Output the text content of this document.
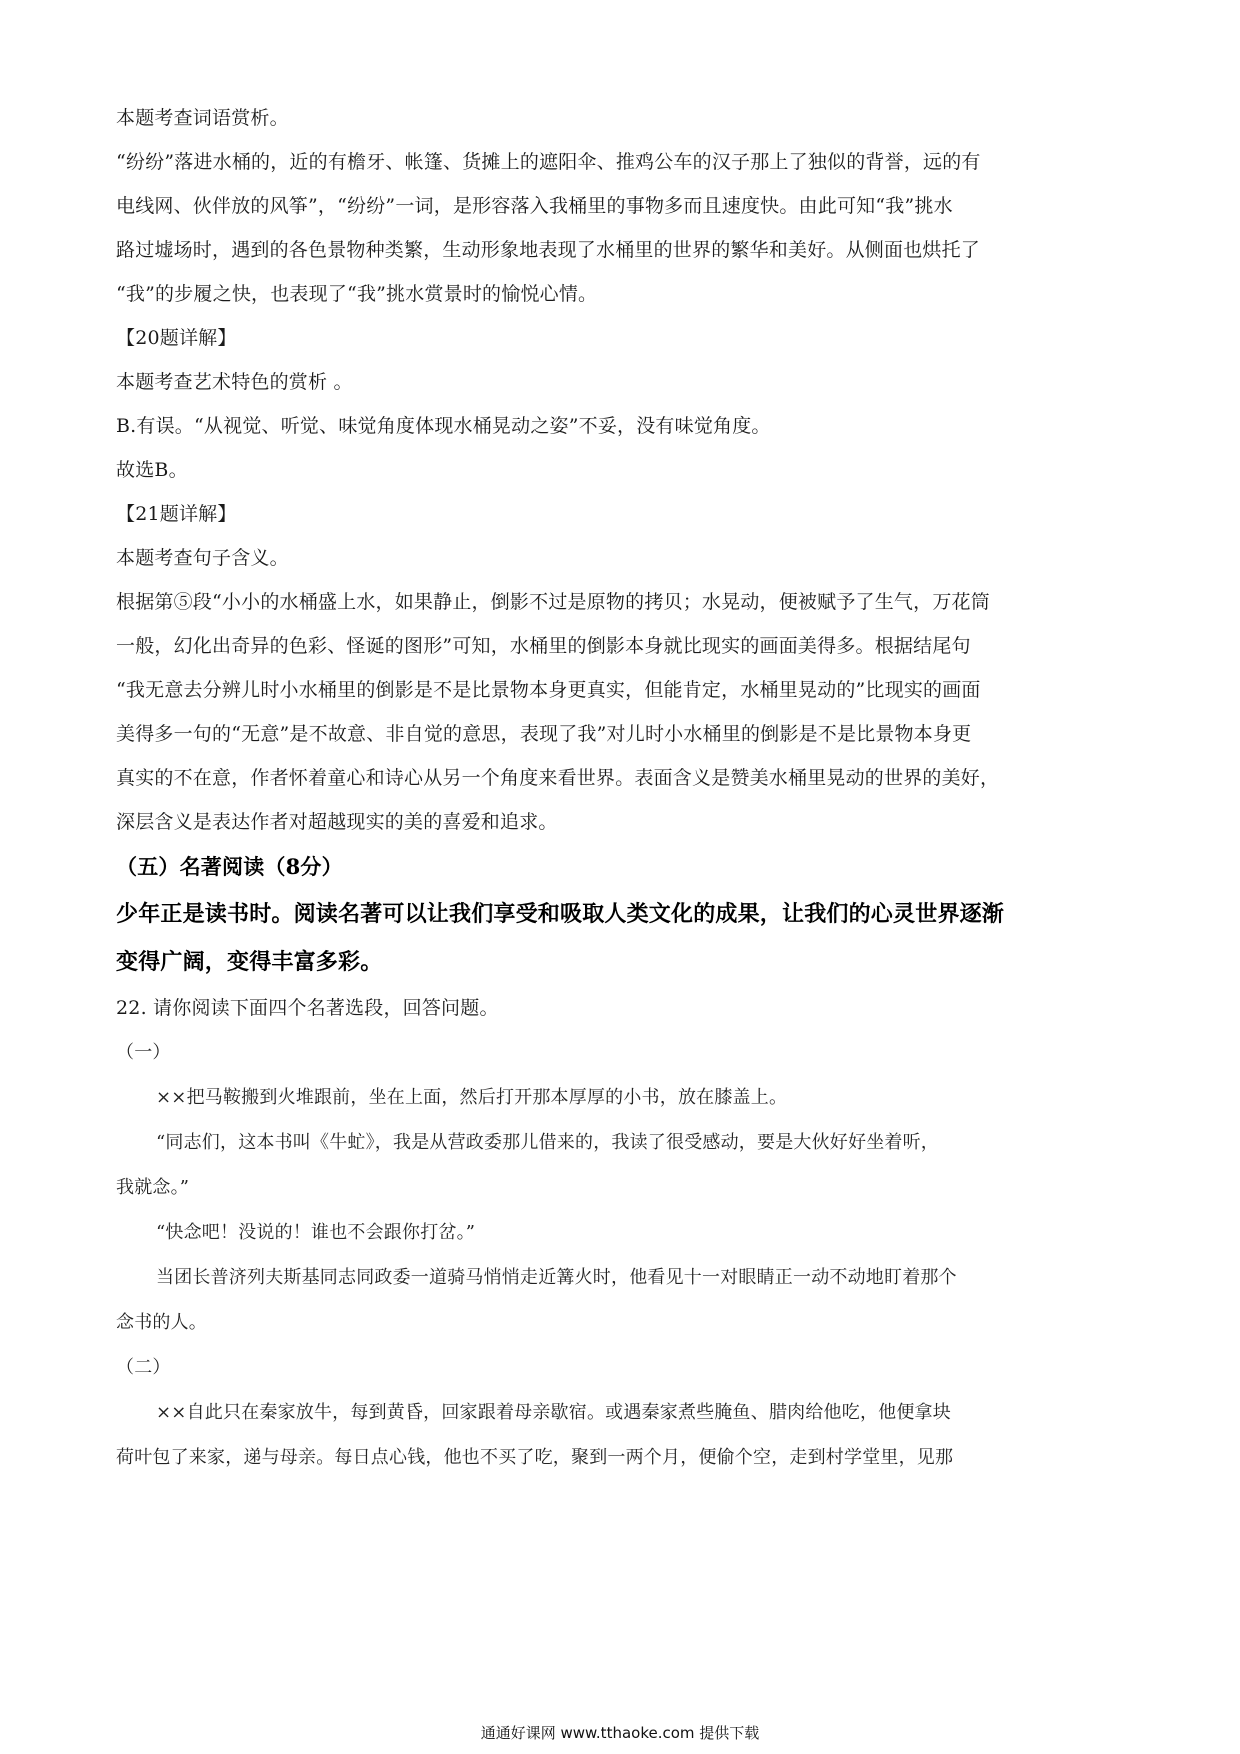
本题考查词语赏析。

“纷纷”落进水桶的，近的有檐牙、帐篷、货摊上的遮阳伞、推鸡公车的汉子那上了独似的背誉，远的有

电线网、伙伴放的风筝”，“纷纷”一词，是形容落入我桶里的事物多而且速度快。由此可知“我”挑水

路过墟场时，遇到的各色景物种类繁，生动形象地表现了水桶里的世界的繁华和美好。从侧面也烘托了

“我”的步履之快，也表现了“我”挑水赏景时的愉悦心情。

【20题详解】

本题考查艺术特色的赏析 。

B.有误。“从视觉、听觉、味觉角度体现水桶晃动之姿”不妥，没有味觉角度。

故选B。

【21题详解】

本题考查句子含义。

根据第⑤段“小小的水桶盛上水，如果静止，倒影不过是原物的拷贝；水晃动，便被赋予了生气，万花筒

一般，幻化出奇异的色彩、怪诞的图形”可知，水桶里的倒影本身就比现实的画面美得多。根据结尾句

“我无意去分辨儿时小水桶里的倒影是不是比景物本身更真实，但能肯定，水桶里晃动的”比现实的画面

美得多一句的“无意”是不故意、非自觉的意思，表现了我”对儿时小水桶里的倒影是不是比景物本身更

真实的不在意，作者怀着童心和诗心从另一个角度来看世界。表面含义是赞美水桶里晃动的世界的美好，

深层含义是表达作者对超越现实的美的喜爱和追求。

（五）名著阅读（8分）

少年正是读书时。阅读名著可以让我们享受和吸取人类文化的成果，让我们的心灵世界逐渐

变得广阔，变得丰富多彩。

22. 请你阅读下面四个名著选段，回答问题。

（一）

××把马鞍搬到火堆跟前，坐在上面，然后打开那本厚厚的小书，放在膝盖上。

“同志们，这本书叫《牛虻》，我是从营政委那儿借来的，我读了很受感动，要是大伙好好坐着听，

我就念。”

“快念吧！没说的！谁也不会跟你打岔。”

当团长普济列夫斯基同志同政委一道骑马悄悄走近篝火时，他看见十一对眼睛正一动不动地盯着那个

念书的人。

（二）

××自此只在秦家放牛，每到黄昏，回家跟着母亲歇宿。或遇秦家煮些腌鱼、腊肉给他吃，他便拿块

荷叶包了来家，递与母亲。每日点心钱，他也不买了吃，聚到一两个月，便偷个空，走到村学堂里，见那

通通好课网 www.tthaoke.com 提供下载
